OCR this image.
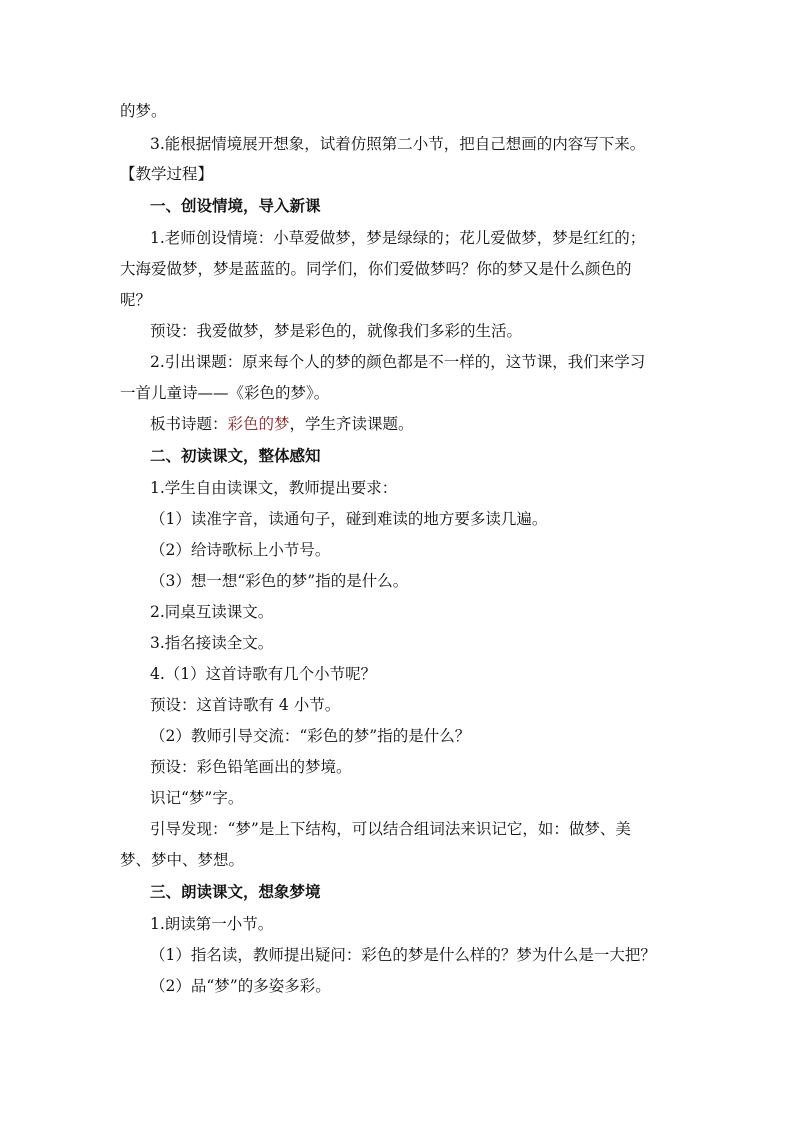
的梦。
3.能根据情境展开想象，试着仿照第二小节，把自己想画的内容写下来。
【教学过程】
一、创设情境，导入新课
1.老师创设情境：小草爱做梦，梦是绿绿的；花儿爱做梦，梦是红红的；
大海爱做梦，梦是蓝蓝的。同学们，你们爱做梦吗？你的梦又是什么颜色的
呢？
预设：我爱做梦，梦是彩色的，就像我们多彩的生活。
2.引出课题：原来每个人的梦的颜色都是不一样的，这节课，我们来学习
一首儿童诗——《彩色的梦》。
板书诗题：彩色的梦，学生齐读课题。
二、初读课文，整体感知
1.学生自由读课文，教师提出要求：
（1）读准字音，读通句子，碰到难读的地方要多读几遍。
（2）给诗歌标上小节号。
（3）想一想“彩色的梦”指的是什么。
2.同桌互读课文。
3.指名接读全文。
4.（1）这首诗歌有几个小节呢？
预设：这首诗歌有 4 小节。
（2）教师引导交流：“彩色的梦”指的是什么？
预设：彩色铅笔画出的梦境。
识记“梦”字。
引导发现：“梦”是上下结构，可以结合组词法来识记它，如：做梦、美
梦、梦中、梦想。
三、朗读课文，想象梦境
1.朗读第一小节。
（1）指名读，教师提出疑问：彩色的梦是什么样的？梦为什么是一大把？
（2）品“梦”的多姿多彩。
